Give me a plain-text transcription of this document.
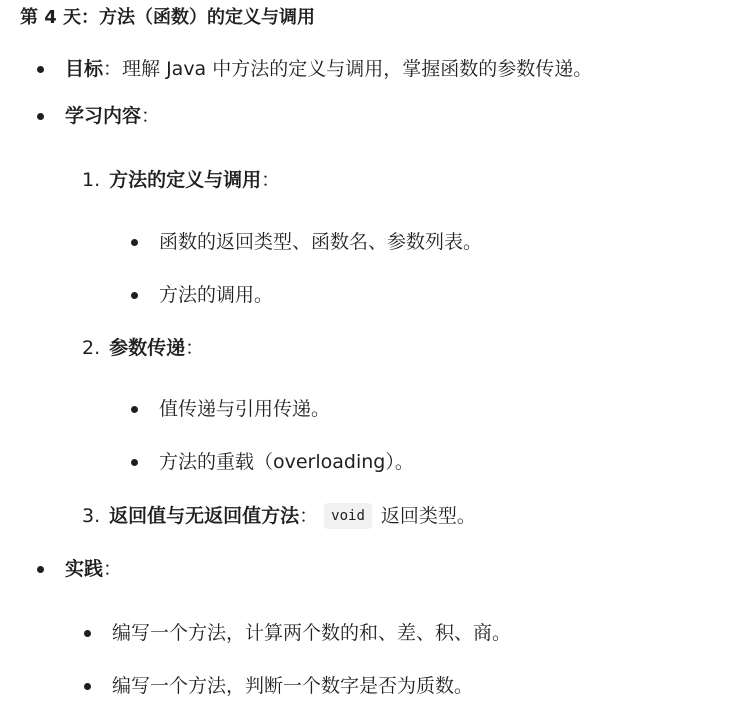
第 4 天：方法（函数）的定义与调用
目标 ： 理解 Java 中方法的定义与调用，掌握函数的参数传递。
学习内容 ：
1. 方法的定义与调用 ：
函数的返回类型、函数名、参数列表。
方法的调用。
2. 参数传递 ：
值传递与引用传递。
方法的重载（overloading）。
3. 返回值与无返回值方法 ： void 返回类型。
实践 ：
编写一个方法，计算两个数的和、差、积、商。
编写一个方法，判断一个数字是否为质数。
